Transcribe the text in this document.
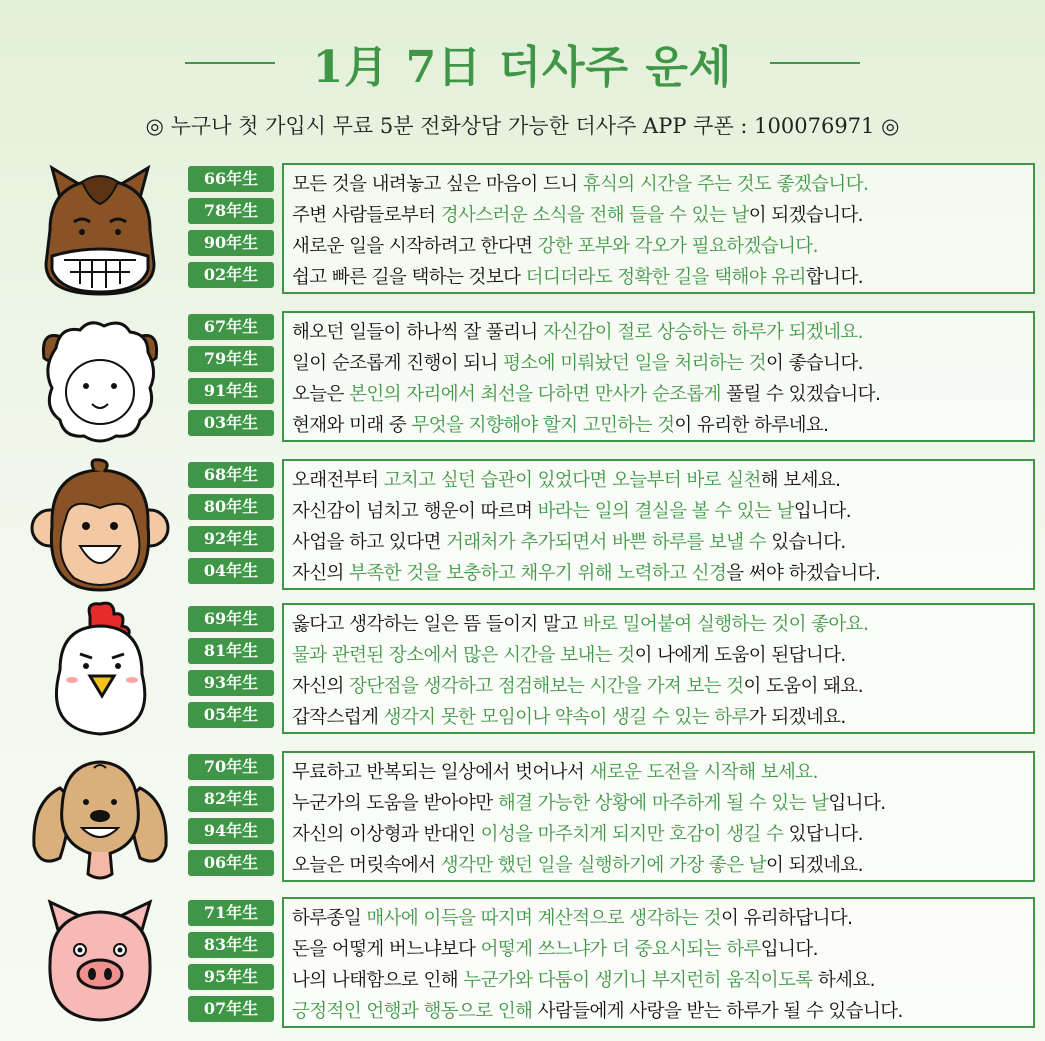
1月 7日 더사주 운세
◎ 누구나 첫 가입시 무료 5분 전화상담 가능한 더사주 APP 쿠폰 : 100076971 ◎
66年生
78年生
90年生
02年生
모든 것을 내려놓고 싶은 마음이 드니 휴식의 시간을 주는 것도 좋겠습니다.
주변 사람들로부터 경사스러운 소식을 전해 들을 수 있는 날이 되겠습니다.
새로운 일을 시작하려고 한다면 강한 포부와 각오가 필요하겠습니다.
쉽고 빠른 길을 택하는 것보다 더디더라도 정확한 길을 택해야 유리합니다.
67年生
79年生
91年生
03年生
해오던 일들이 하나씩 잘 풀리니 자신감이 절로 상승하는 하루가 되겠네요.
일이 순조롭게 진행이 되니 평소에 미뤄놨던 일을 처리하는 것이 좋습니다.
오늘은 본인의 자리에서 최선을 다하면 만사가 순조롭게 풀릴 수 있겠습니다.
현재와 미래 중 무엇을 지향해야 할지 고민하는 것이 유리한 하루네요.
68年生
80年生
92年生
04年生
오래전부터 고치고 싶던 습관이 있었다면 오늘부터 바로 실천해 보세요.
자신감이 넘치고 행운이 따르며 바라는 일의 결실을 볼 수 있는 날입니다.
사업을 하고 있다면 거래처가 추가되면서 바쁜 하루를 보낼 수 있습니다.
자신의 부족한 것을 보충하고 채우기 위해 노력하고 신경을 써야 하겠습니다.
69年生
81年生
93年生
05年生
옳다고 생각하는 일은 뜸 들이지 말고 바로 밀어붙여 실행하는 것이 좋아요.
물과 관련된 장소에서 많은 시간을 보내는 것이 나에게 도움이 된답니다.
자신의 장단점을 생각하고 점검해보는 시간을 가져 보는 것이 도움이 돼요.
갑작스럽게 생각지 못한 모임이나 약속이 생길 수 있는 하루가 되겠네요.
70年生
82年生
94年生
06年生
무료하고 반복되는 일상에서 벗어나서 새로운 도전을 시작해 보세요.
누군가의 도움을 받아야만 해결 가능한 상황에 마주하게 될 수 있는 날입니다.
자신의 이상형과 반대인 이성을 마주치게 되지만 호감이 생길 수 있답니다.
오늘은 머릿속에서 생각만 했던 일을 실행하기에 가장 좋은 날이 되겠네요.
71年生
83年生
95年生
07年生
하루종일 매사에 이득을 따지며 계산적으로 생각하는 것이 유리하답니다.
돈을 어떻게 버느냐보다 어떻게 쓰느냐가 더 중요시되는 하루입니다.
나의 나태함으로 인해 누군가와 다툼이 생기니 부지런히 움직이도록 하세요.
긍정적인 언행과 행동으로 인해 사람들에게 사랑을 받는 하루가 될 수 있습니다.
